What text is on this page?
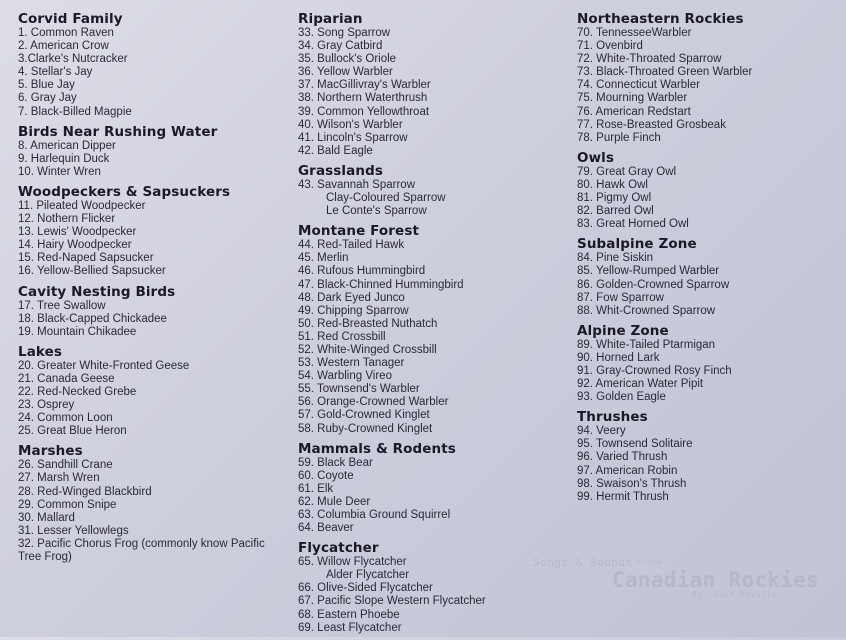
Corvid Family
1. Common Raven
2. American Crow
3.Clarke's Nutcracker
4. Stellar's Jay
5. Blue Jay
6. Gray Jay
7. Black-Billed Magpie
Birds Near Rushing Water
8. American Dipper
9. Harlequin Duck
10. Winter Wren
Woodpeckers & Sapsuckers
11. Pileated Woodpecker
12. Nothern Flicker
13. Lewis' Woodpecker
14. Hairy Woodpecker
15. Red-Naped Sapsucker
16. Yellow-Bellied Sapsucker
Cavity Nesting Birds
17. Tree Swallow
18. Black-Capped Chickadee
19. Mountain Chikadee
Lakes
20. Greater White-Fronted Geese
21. Canada Geese
22. Red-Necked Grebe
23. Osprey
24. Common Loon
25. Great Blue Heron
Marshes
26. Sandhill Crane
27. Marsh Wren
28. Red-Winged Blackbird
29. Common Snipe
30. Mallard
31. Lesser Yellowlegs
32. Pacific Chorus Frog (commonly know Pacific Tree Frog)
Riparian
33. Song Sparrow
34. Gray Catbird
35. Bullock's Oriole
36. Yellow Warbler
37. MacGillivray's Warbler
38. Northern Waterthrush
39. Common Yellowthroat
40. Wilson's Warbler
41. Lincoln's Sparrow
42. Bald Eagle
Grasslands
43. Savannah Sparrow
Clay-Coloured Sparrow
Le Conte's Sparrow
Montane Forest
44. Red-Tailed Hawk
45. Merlin
46. Rufous Hummingbird
47. Black-Chinned Hummingbird
48. Dark Eyed Junco
49. Chipping Sparrow
50. Red-Breasted Nuthatch
51. Red Crossbill
52. White-Winged Crossbill
53. Western Tanager
54. Warbling Vireo
55. Townsend's Warbler
56. Orange-Crowned Warbler
57. Gold-Crowned Kinglet
58. Ruby-Crowned Kinglet
Mammals & Rodents
59. Black Bear
60. Coyote
61. Elk
62. Mule Deer
63. Columbia Ground Squirrel
64. Beaver
Flycatcher
65. Willow Flycatcher
Alder Flycatcher
66. Olive-Sided Flycatcher
67. Pacific Slope Western Flycatcher
68. Eastern Phoebe
69. Least Flycatcher
Northeastern Rockies
70. TennesseeWarbler
71. Ovenbird
72. White-Throated Sparrow
73. Black-Throated Green Warbler
74. Connecticut Warbler
75. Mourning Warbler
76. American Redstart
77. Rose-Breasted Grosbeak
78. Purple Finch
Owls
79. Great Gray Owl
80. Hawk Owl
81. Pigmy Owl
82. Barred Owl
83. Great Horned Owl
Subalpine Zone
84. Pine Siskin
85. Yellow-Rumped Warbler
86. Golden-Crowned Sparrow
87. Fow Sparrow
88. Whit-Crowned Sparrow
Alpine Zone
89. White-Tailed Ptarmigan
90. Horned Lark
91. Gray-Crowned Rosy Finch
92. American Water Pipit
93. Golden Eagle
Thrushes
94. Veery
95. Townsend Solitaire
96. Varied Thrush
97. American Robin
98. Swaison's Thrush
99. Hermit Thrush
Songs & Sounds of the
Canadian Rockies
By: John Neville
